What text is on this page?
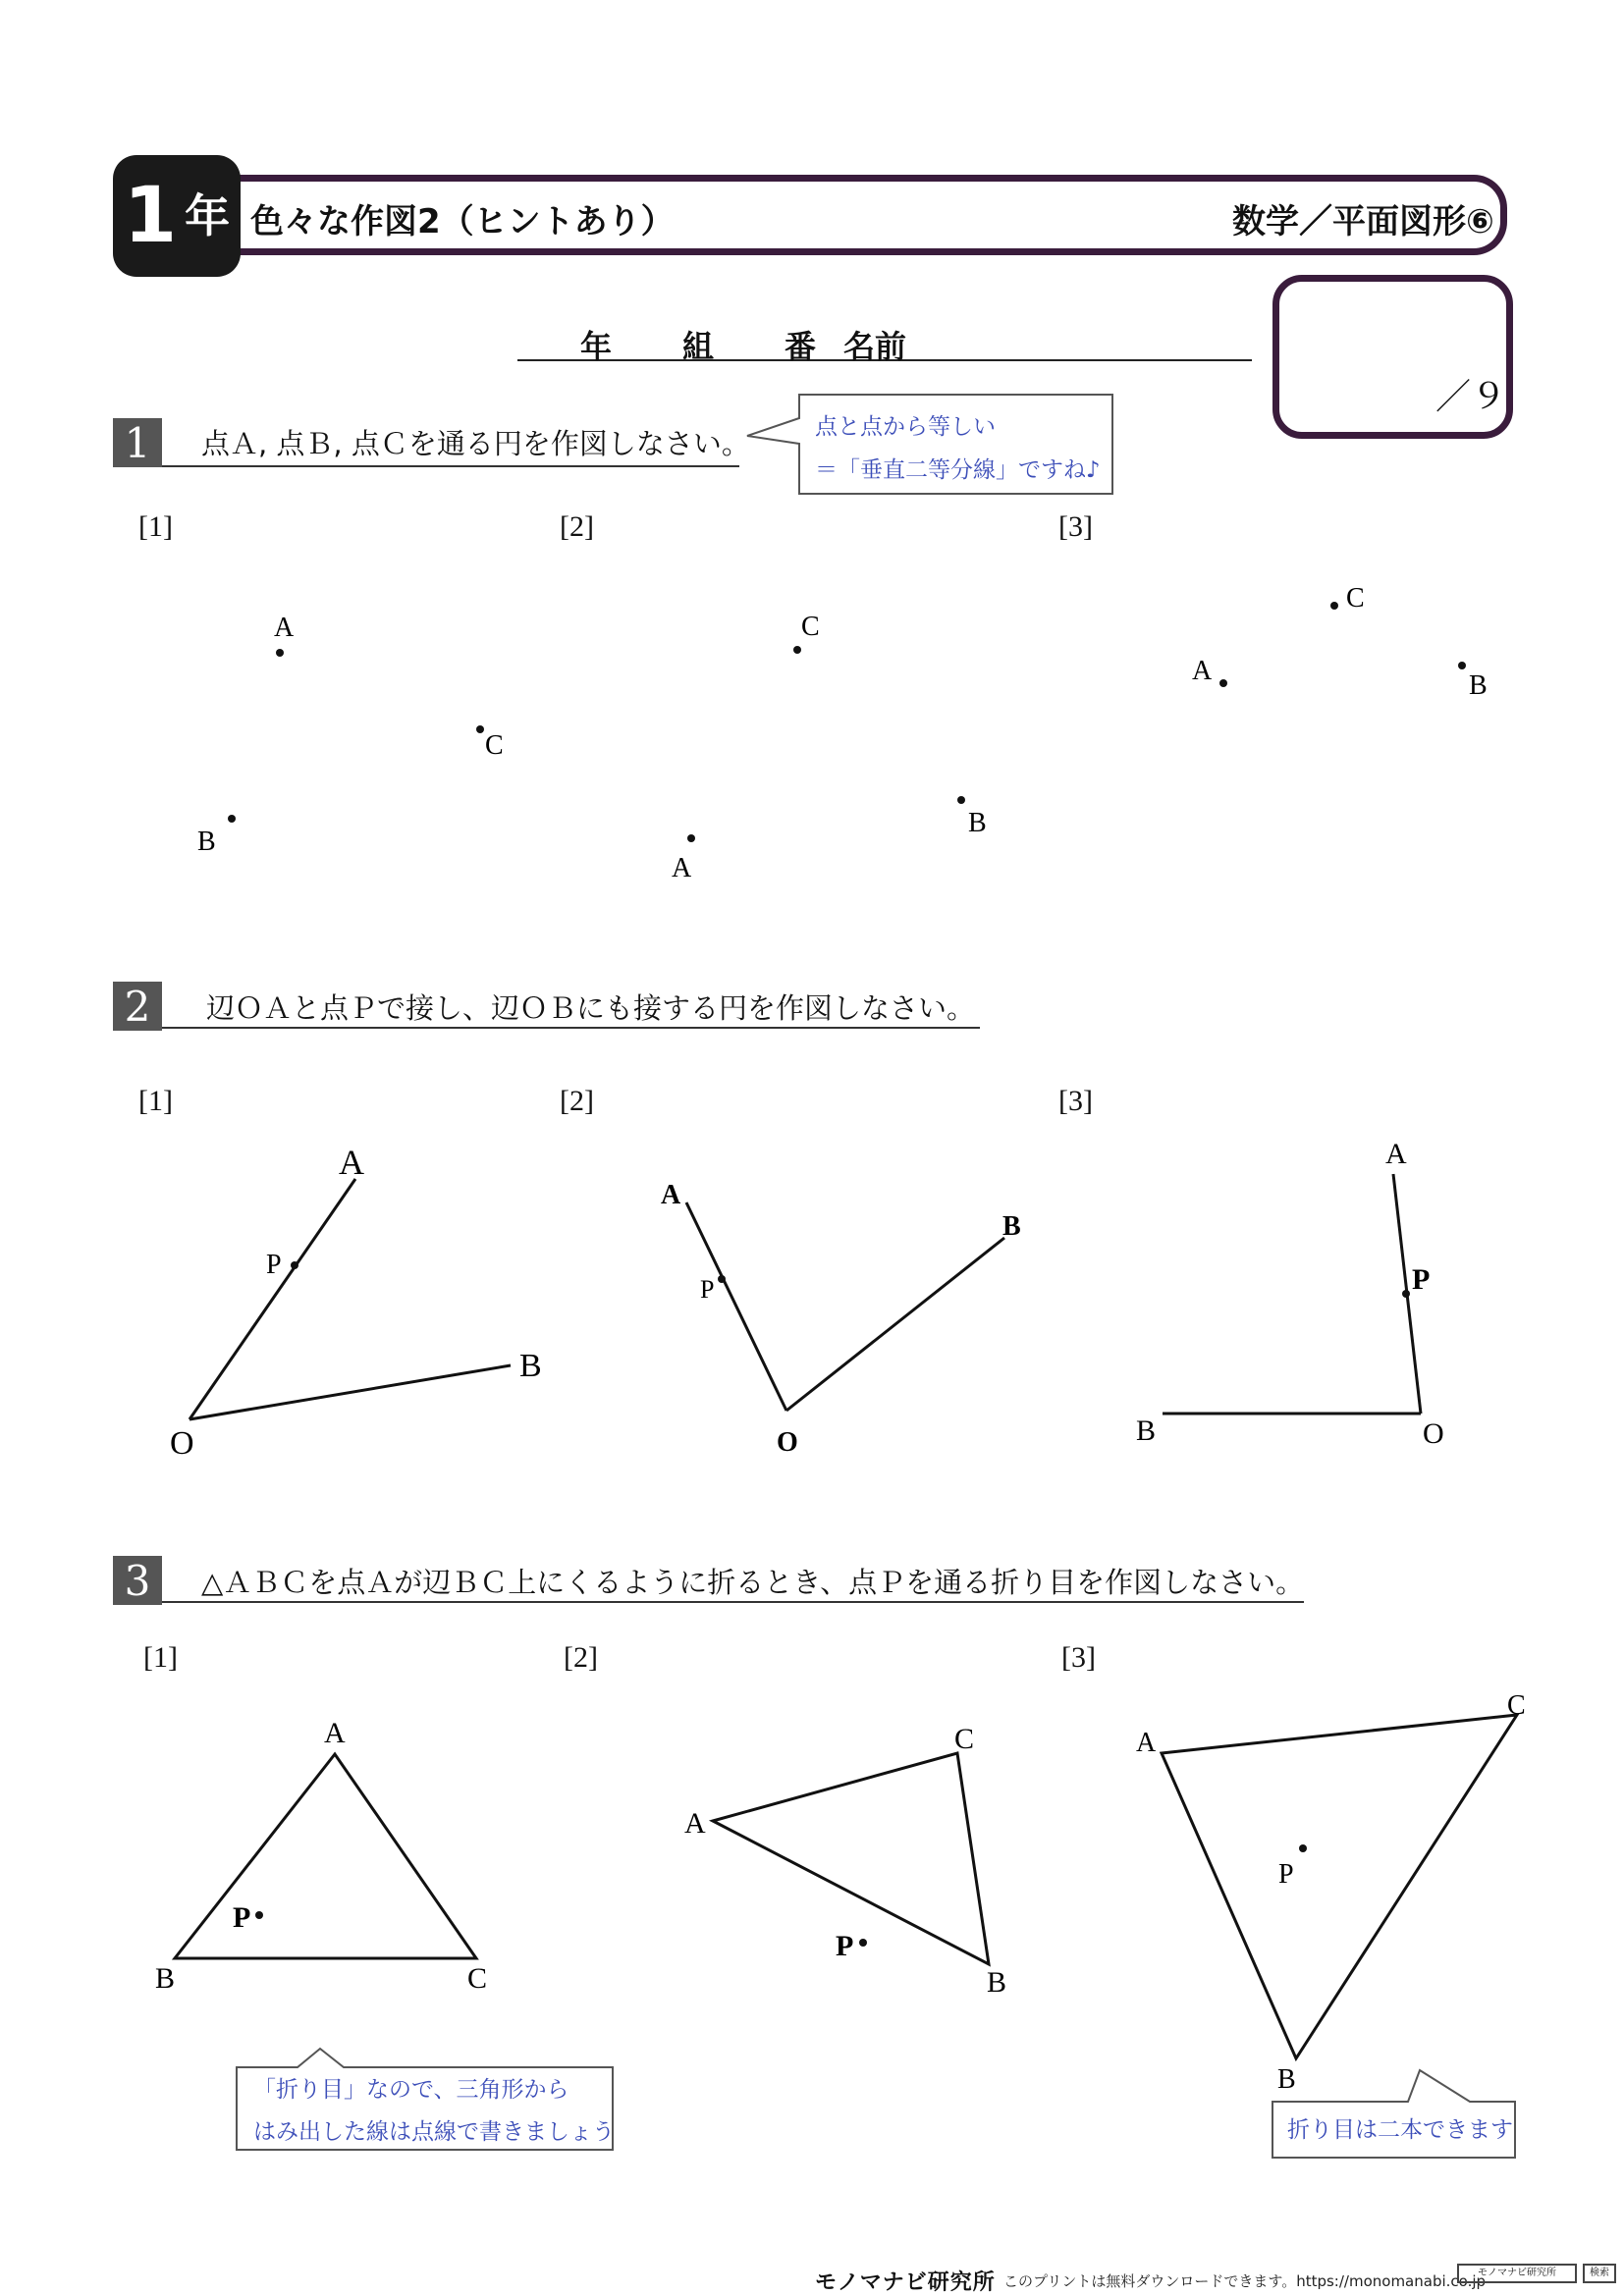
1 年 色々な作図2（ヒントあり）	数学／平面図形⑥
年 組 番 名前
／９
1	点Ａ, 点Ｂ, 点Ｃを通る円を作図しなさい。
A
C
B
C
B
A
C
A	B
A
P
B
O
A
P
B
O
A
P
B	O
A
B	C
P
A
C
B
P
A
C
B
P
点と点から等しい
＝「垂直二等分線」ですね♪
[1]	[2]	[3]
2	辺ＯＡと点Ｐで接し、辺ＯＢにも接する円を作図しなさい。
[1]	[2]	[3]
3	△ＡＢＣを点Ａが辺ＢＣ上にくるように折るとき、点Ｐを通る折り目を作図しなさい。
[1]	[2]	[3]
「折り目」なので、三角形から
はみ出した線は点線で書きましょう	折り目は二本できます
モノマナビ研究所 このプリントは無料ダウンロードできます。https://monomanabi.co.jp
モノマナビ研究所	検索
